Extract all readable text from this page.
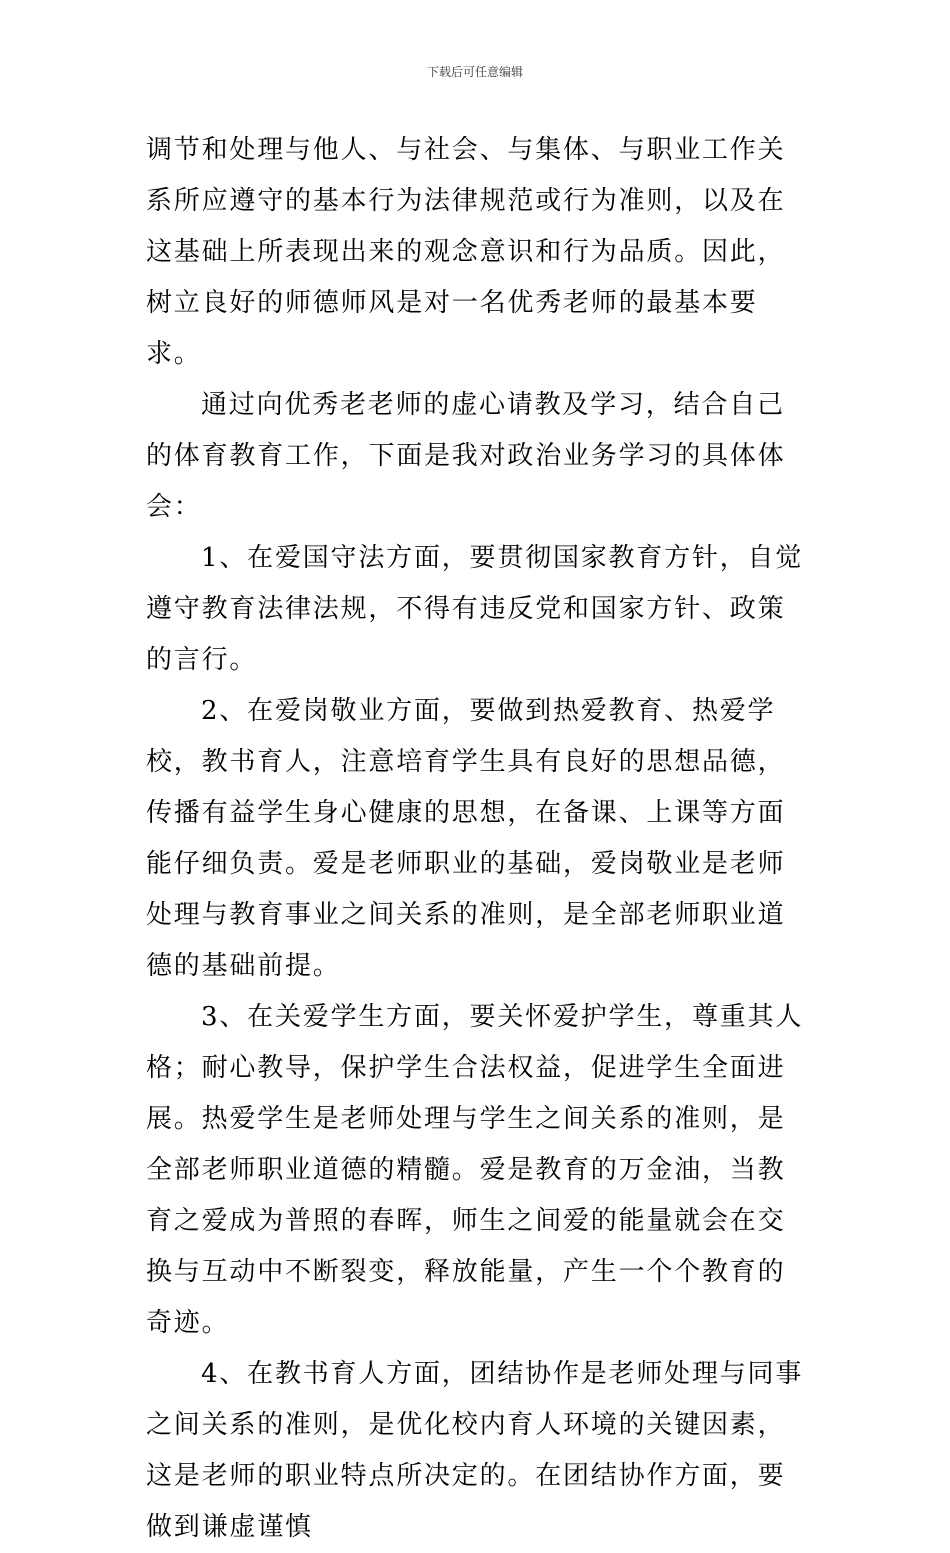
下载后可任意编辑

调节和处理与他人、与社会、与集体、与职业工作关系所应遵守的基本行为法律规范或行为准则，以及在这基础上所表现出来的观念意识和行为品质。因此，树立良好的师德师风是对一名优秀老师的最基本要求。

通过向优秀老老师的虚心请教及学习，结合自己的体育教育工作，下面是我对政治业务学习的具体体会：

1、在爱国守法方面，要贯彻国家教育方针，自觉遵守教育法律法规，不得有违反党和国家方针、政策的言行。

2、在爱岗敬业方面，要做到热爱教育、热爱学校，教书育人，注意培育学生具有良好的思想品德，传播有益学生身心健康的思想，在备课、上课等方面能仔细负责。爱是老师职业的基础，爱岗敬业是老师处理与教育事业之间关系的准则，是全部老师职业道德的基础前提。

3、在关爱学生方面，要关怀爱护学生，尊重其人格；耐心教导，保护学生合法权益，促进学生全面进展。热爱学生是老师处理与学生之间关系的准则，是全部老师职业道德的精髓。爱是教育的万金油，当教育之爱成为普照的春晖，师生之间爱的能量就会在交换与互动中不断裂变，释放能量，产生一个个教育的奇迹。

4、在教书育人方面，团结协作是老师处理与同事之间关系的准则，是优化校内育人环境的关键因素，这是老师的职业特点所决定的。在团结协作方面，要做到谦虚谨慎
